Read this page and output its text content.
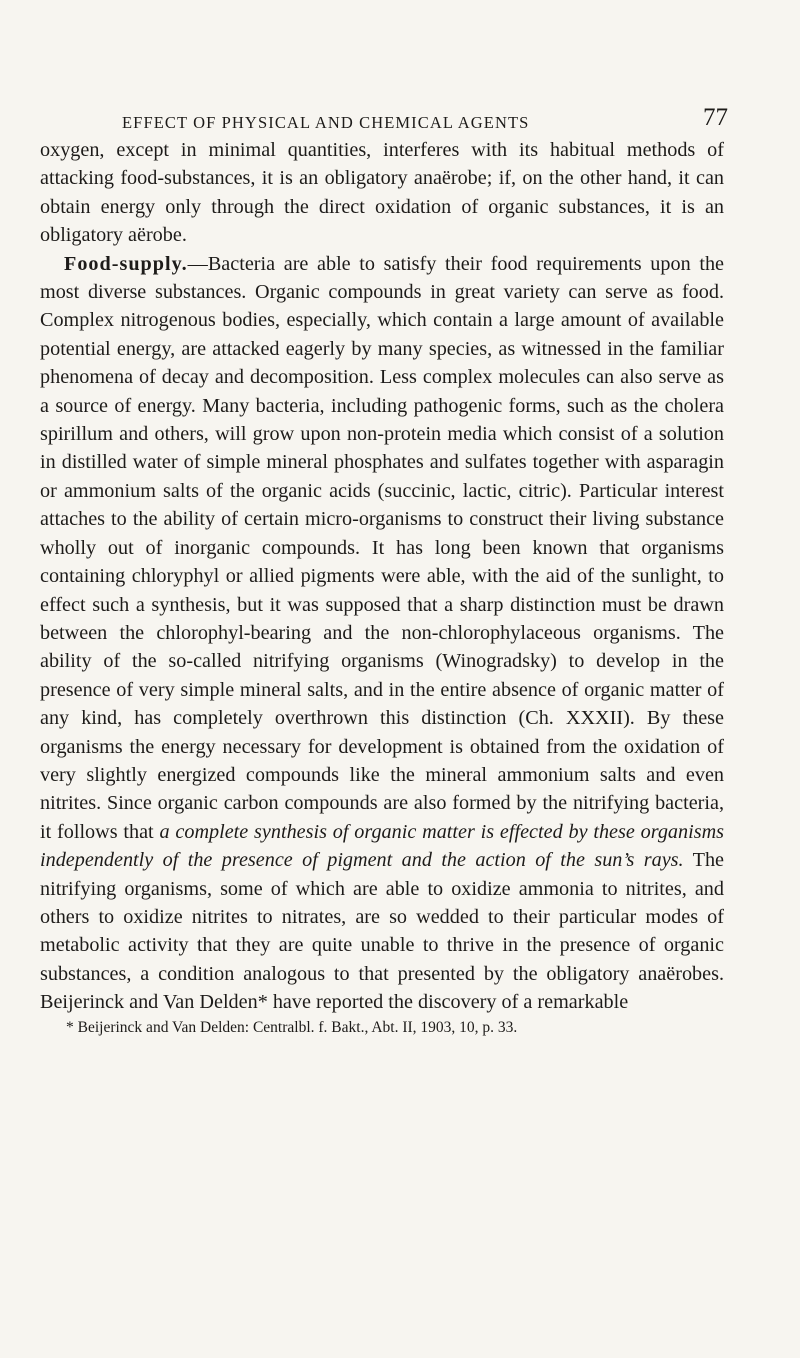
EFFECT OF PHYSICAL AND CHEMICAL AGENTS	77

oxygen, except in minimal quantities, interferes with its habitual methods of attacking food-substances, it is an obligatory anaërobe; if, on the other hand, it can obtain energy only through the direct oxidation of organic substances, it is an obligatory aërobe.

Food-supply.—Bacteria are able to satisfy their food requirements upon the most diverse substances. Organic compounds in great variety can serve as food. Complex nitrogenous bodies, especially, which contain a large amount of available potential energy, are attacked eagerly by many species, as witnessed in the familiar phenomena of decay and decomposition. Less complex molecules can also serve as a source of energy. Many bacteria, including pathogenic forms, such as the cholera spirillum and others, will grow upon non-protein media which consist of a solution in distilled water of simple mineral phosphates and sulfates together with asparagin or ammonium salts of the organic acids (succinic, lactic, citric). Particular interest attaches to the ability of certain micro-organisms to construct their living substance wholly out of inorganic compounds. It has long been known that organisms containing chloryphyl or allied pigments were able, with the aid of the sunlight, to effect such a synthesis, but it was supposed that a sharp distinction must be drawn between the chlorophyl-bearing and the non-chlorophylaceous organisms. The ability of the so-called nitrifying organisms (Winogradsky) to develop in the presence of very simple mineral salts, and in the entire absence of organic matter of any kind, has completely overthrown this distinction (Ch. XXXII). By these organisms the energy necessary for development is obtained from the oxidation of very slightly energized compounds like the mineral ammonium salts and even nitrites. Since organic carbon compounds are also formed by the nitrifying bacteria, it follows that a complete synthesis of organic matter is effected by these organisms independently of the presence of pigment and the action of the sun’s rays. The nitrifying organisms, some of which are able to oxidize ammonia to nitrites, and others to oxidize nitrites to nitrates, are so wedded to their particular modes of metabolic activity that they are quite unable to thrive in the presence of organic substances, a condition analogous to that presented by the obligatory anaërobes. Beijerinck and Van Delden* have reported the discovery of a remarkable

* Beijerinck and Van Delden: Centralbl. f. Bakt., Abt. II, 1903, 10, p. 33.
